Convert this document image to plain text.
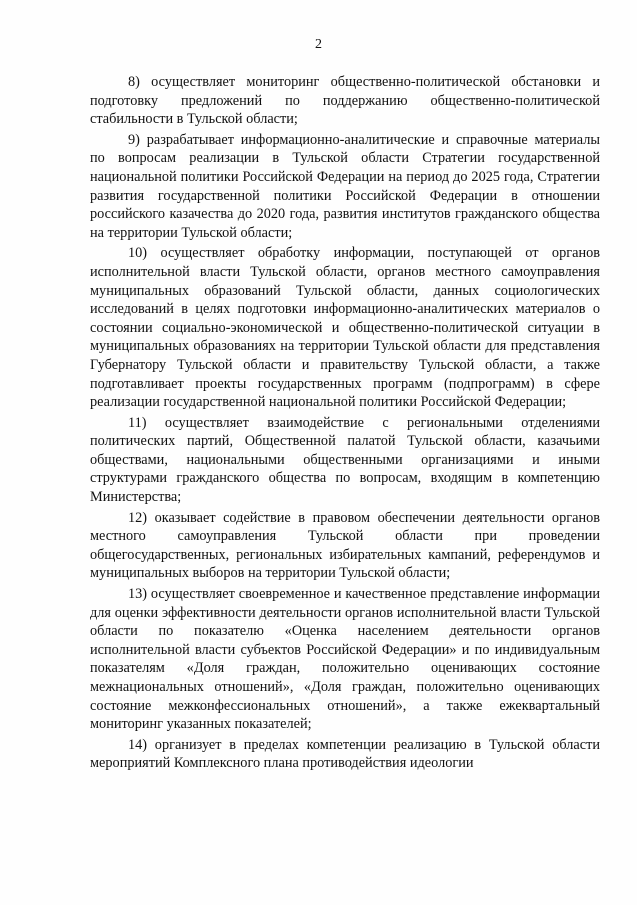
2

8) осуществляет мониторинг общественно-политической обстановки и подготовку предложений по поддержанию общественно-политической стабильности в Тульской области;

9) разрабатывает информационно-аналитические и справочные материалы по вопросам реализации в Тульской области Стратегии государственной национальной политики Российской Федерации на период до 2025 года, Стратегии развития государственной политики Российской Федерации в отношении российского казачества до 2020 года, развития институтов гражданского общества на территории Тульской области;

10) осуществляет обработку информации, поступающей от органов исполнительной власти Тульской области, органов местного самоуправления муниципальных образований Тульской области, данных социологических исследований в целях подготовки информационно-аналитических материалов о состоянии социально-экономической и общественно-политической ситуации в муниципальных образованиях на территории Тульской области для представления Губернатору Тульской области и правительству Тульской области, а также подготавливает проекты государственных программ (подпрограмм) в сфере реализации государственной национальной политики Российской Федерации;

11) осуществляет взаимодействие с региональными отделениями политических партий, Общественной палатой Тульской области, казачьими обществами, национальными общественными организациями и иными структурами гражданского общества по вопросам, входящим в компетенцию Министерства;

12) оказывает содействие в правовом обеспечении деятельности органов местного самоуправления Тульской области при проведении общегосударственных, региональных избирательных кампаний, референдумов и муниципальных выборов на территории Тульской области;

13) осуществляет своевременное и качественное представление информации для оценки эффективности деятельности органов исполнительной власти Тульской области по показателю «Оценка населением деятельности органов исполнительной власти субъектов Российской Федерации» и по индивидуальным показателям «Доля граждан, положительно оценивающих состояние межнациональных отношений», «Доля граждан, положительно оценивающих состояние межконфессиональных отношений», а также ежеквартальный мониторинг указанных показателей;

14) организует в пределах компетенции реализацию в Тульской области мероприятий Комплексного плана противодействия идеологии
